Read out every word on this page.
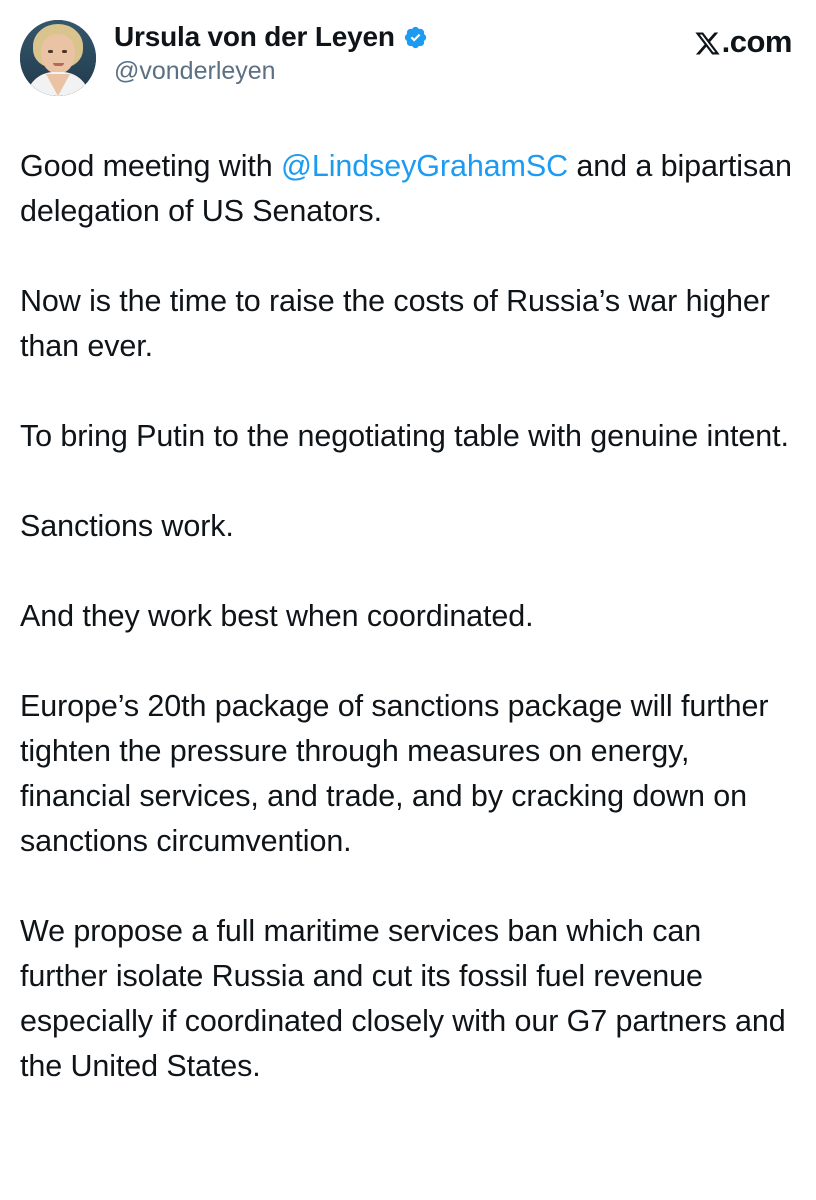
Ursula von der Leyen
@vonderleyen
.com

Good meeting with @LindseyGrahamSC and a bipartisan delegation of US Senators.

Now is the time to raise the costs of Russia’s war higher than ever.

To bring Putin to the negotiating table with genuine intent.

Sanctions work.

And they work best when coordinated.

Europe’s 20th package of sanctions package will further tighten the pressure through measures on energy, financial services, and trade, and by cracking down on sanctions circumvention.

We propose a full maritime services ban which can further isolate Russia and cut its fossil fuel revenue especially if coordinated closely with our G7 partners and the United States.
